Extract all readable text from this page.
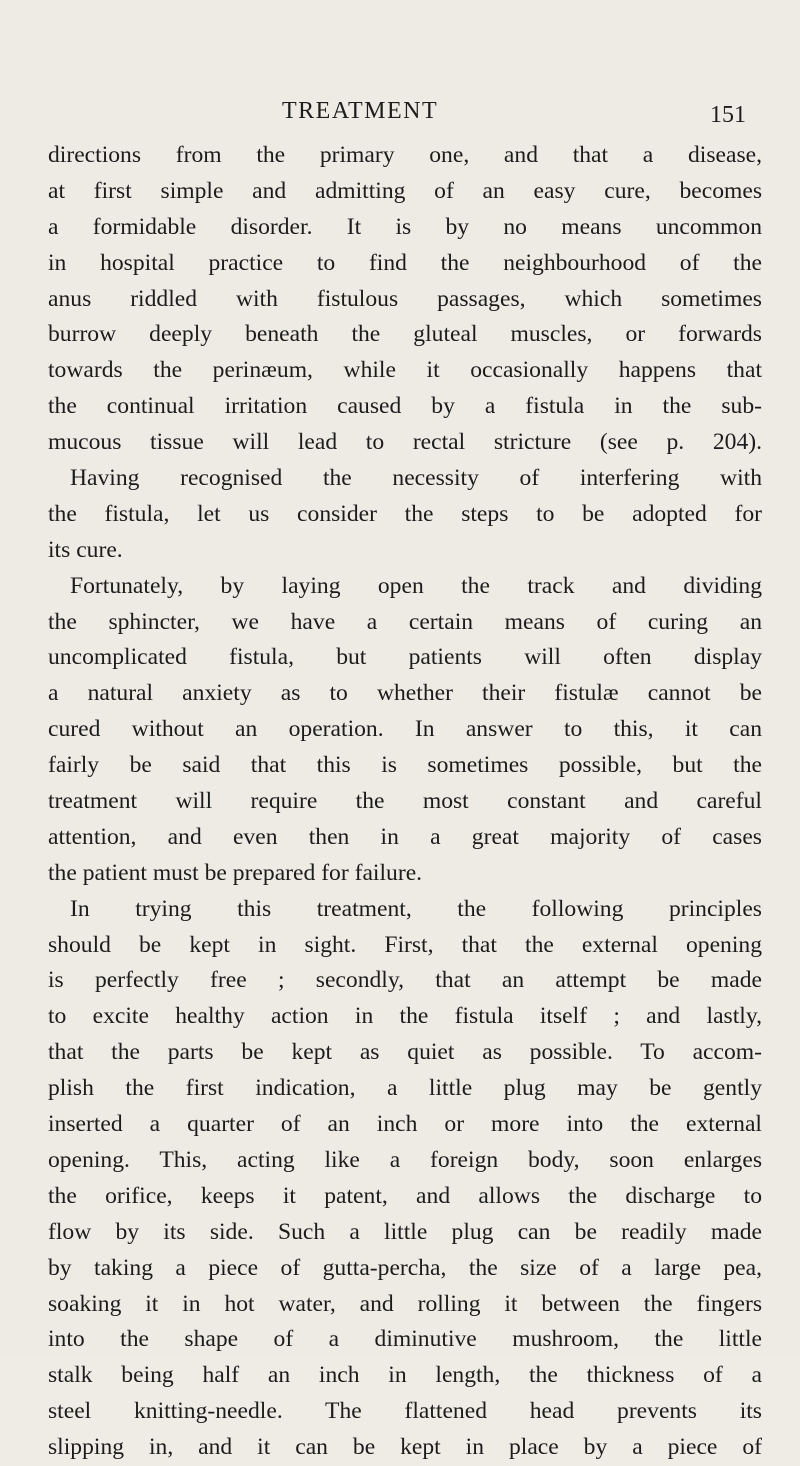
TREATMENT	151
directions from the primary one, and that a disease,
at first simple and admitting of an easy cure, becomes
a formidable disorder. It is by no means uncommon
in hospital practice to find the neighbourhood of the
anus riddled with fistulous passages, which sometimes
burrow deeply beneath the gluteal muscles, or forwards
towards the perinæum, while it occasionally happens that
the continual irritation caused by a fistula in the sub-
mucous tissue will lead to rectal stricture (see p. 204).
Having recognised the necessity of interfering with
the fistula, let us consider the steps to be adopted for
its cure.
Fortunately, by laying open the track and dividing
the sphincter, we have a certain means of curing an
uncomplicated fistula, but patients will often display
a natural anxiety as to whether their fistulæ cannot be
cured without an operation. In answer to this, it can
fairly be said that this is sometimes possible, but the
treatment will require the most constant and careful
attention, and even then in a great majority of cases
the patient must be prepared for failure.
In trying this treatment, the following principles
should be kept in sight. First, that the external opening
is perfectly free ; secondly, that an attempt be made
to excite healthy action in the fistula itself ; and lastly,
that the parts be kept as quiet as possible. To accom-
plish the first indication, a little plug may be gently
inserted a quarter of an inch or more into the external
opening. This, acting like a foreign body, soon enlarges
the orifice, keeps it patent, and allows the discharge to
flow by its side. Such a little plug can be readily made
by taking a piece of gutta-percha, the size of a large pea,
soaking it in hot water, and rolling it between the fingers
into the shape of a diminutive mushroom, the little
stalk being half an inch in length, the thickness of a
steel knitting-needle. The flattened head prevents its
slipping in, and it can be kept in place by a piece of
